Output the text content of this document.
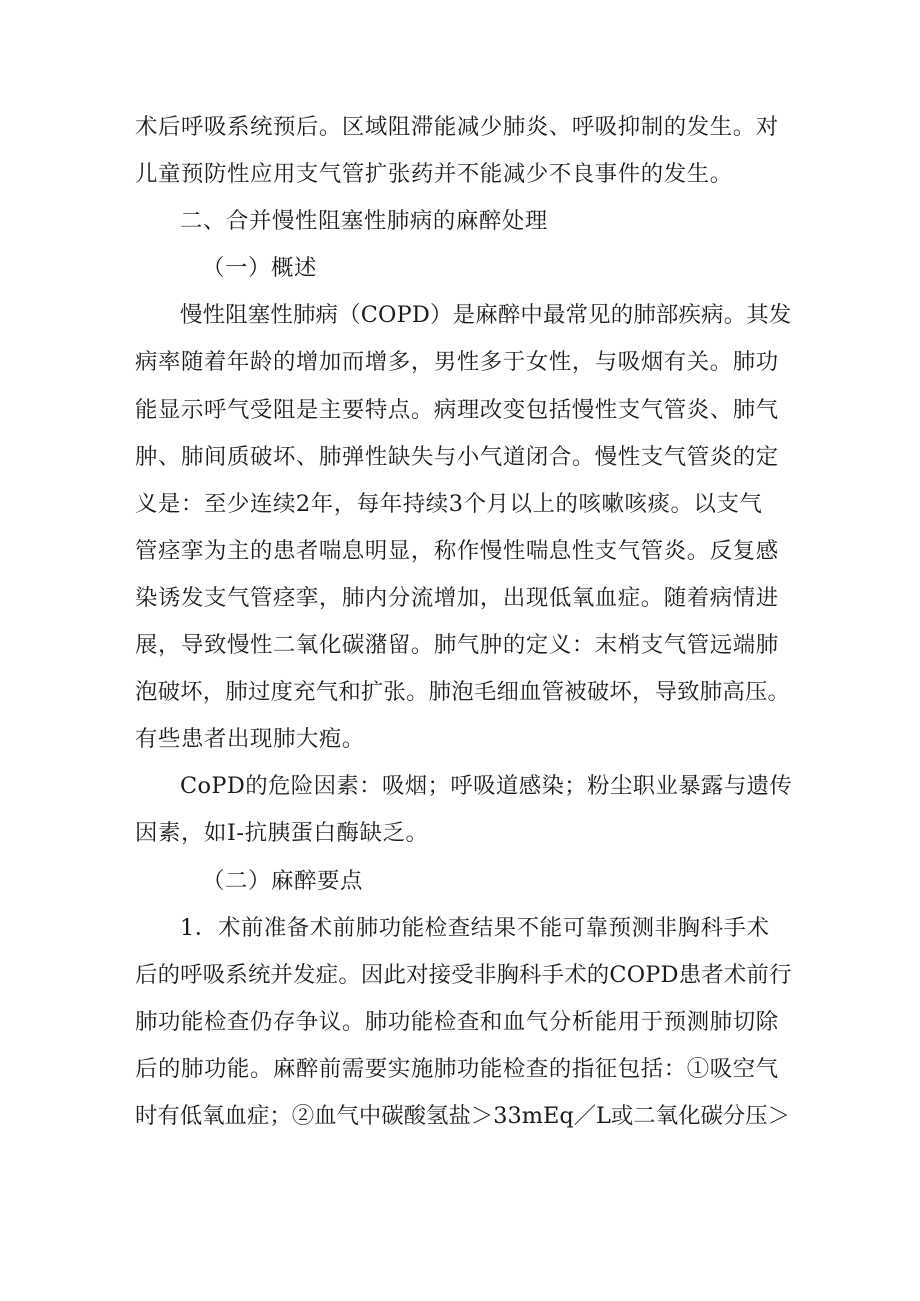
术后呼吸系统预后。区域阻滞能减少肺炎、呼吸抑制的发生。对
儿童预防性应用支气管扩张药并不能减少不良事件的发生。
二、合并慢性阻塞性肺病的麻醉处理
（一）概述
慢性阻塞性肺病（COPD）是麻醉中最常见的肺部疾病。其发
病率随着年龄的增加而增多，男性多于女性，与吸烟有关。肺功
能显示呼气受阻是主要特点。病理改变包括慢性支气管炎、肺气
肿、肺间质破坏、肺弹性缺失与小气道闭合。慢性支气管炎的定
义是：至少连续2年，每年持续3个月以上的咳嗽咳痰。以支气
管痉挛为主的患者喘息明显，称作慢性喘息性支气管炎。反复感
染诱发支气管痉挛，肺内分流增加，出现低氧血症。随着病情进
展，导致慢性二氧化碳潴留。肺气肿的定义：末梢支气管远端肺
泡破坏，肺过度充气和扩张。肺泡毛细血管被破坏，导致肺高压。
有些患者出现肺大疱。
CoPD的危险因素：吸烟；呼吸道感染；粉尘职业暴露与遗传
因素，如I-抗胰蛋白酶缺乏。
（二）麻醉要点
1．术前准备术前肺功能检查结果不能可靠预测非胸科手术
后的呼吸系统并发症。因此对接受非胸科手术的COPD患者术前行
肺功能检查仍存争议。肺功能检查和血气分析能用于预测肺切除
后的肺功能。麻醉前需要实施肺功能检查的指征包括：①吸空气
时有低氧血症；②血气中碳酸氢盐＞33mEq／L或二氧化碳分压＞
